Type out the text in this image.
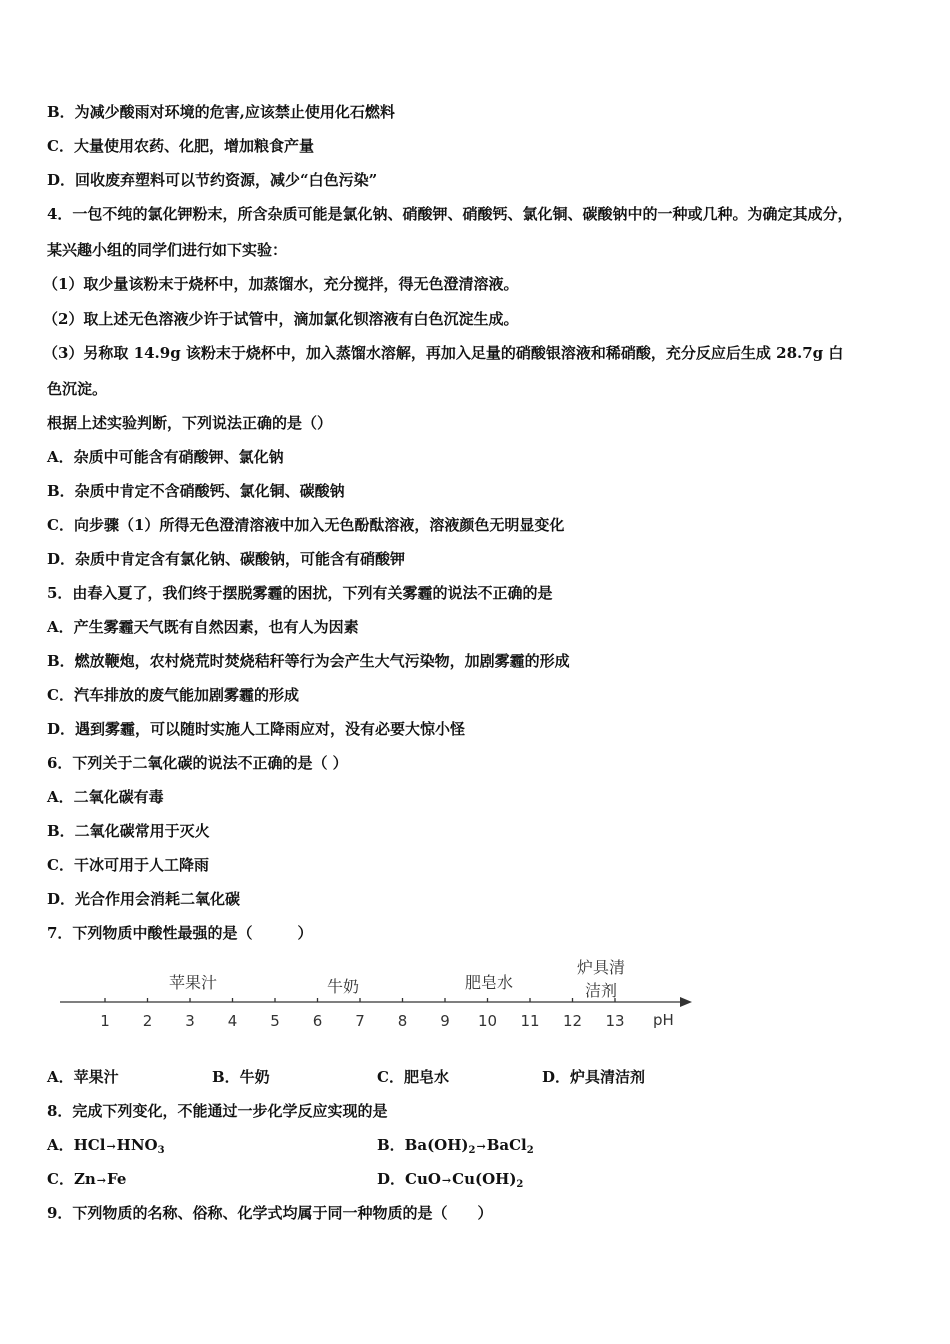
B．为减少酸雨对环境的危害,应该禁止使用化石燃料
C．大量使用农药、化肥，增加粮食产量
D．回收废弃塑料可以节约资源，减少“白色污染”
4．一包不纯的氯化钾粉末，所含杂质可能是氯化钠、硝酸钾、硝酸钙、氯化铜、碳酸钠中的一种或几种。为确定其成分，
某兴趣小组的同学们进行如下实验：
（1）取少量该粉末于烧杯中，加蒸馏水，充分搅拌，得无色澄清溶液。
（2）取上述无色溶液少许于试管中，滴加氯化钡溶液有白色沉淀生成。
（3）另称取 14.9g 该粉末于烧杯中，加入蒸馏水溶解，再加入足量的硝酸银溶液和稀硝酸，充分反应后生成 28.7g 白
色沉淀。
根据上述实验判断，下列说法正确的是（）
A．杂质中可能含有硝酸钾、氯化钠
B．杂质中肯定不含硝酸钙、氯化铜、碳酸钠
C．向步骤（1）所得无色澄清溶液中加入无色酚酞溶液，溶液颜色无明显变化
D．杂质中肯定含有氯化钠、碳酸钠，可能含有硝酸钾
5．由春入夏了，我们终于摆脱雾霾的困扰，下列有关雾霾的说法不正确的是
A．产生雾霾天气既有自然因素，也有人为因素
B．燃放鞭炮，农村烧荒时焚烧秸秆等行为会产生大气污染物，加剧雾霾的形成
C．汽车排放的废气能加剧雾霾的形成
D．遇到雾霾，可以随时实施人工降雨应对，没有必要大惊小怪
6．下列关于二氧化碳的说法不正确的是（ ）
A．二氧化碳有毒
B．二氧化碳常用于灭火
C．干冰可用于人工降雨
D．光合作用会消耗二氧化碳
7．下列物质中酸性最强的是（　　　）
1 2 3 4 5 6 7 8 9 10 11 12 13 pH
苹果汁	牛奶	肥皂水
炉具清
洁剂
A．苹果汁	B．牛奶	C．肥皂水	D．炉具清洁剂
8．完成下列变化，不能通过一步化学反应实现的是
A．$HCl\to HNO_3$	B．$Ba(OH)_2\to BaCl_2$
C．Zn→Fe	D．$CuO\to Cu(OH)_2$
9．下列物质的名称、俗称、化学式均属于同一种物质的是（　　）
